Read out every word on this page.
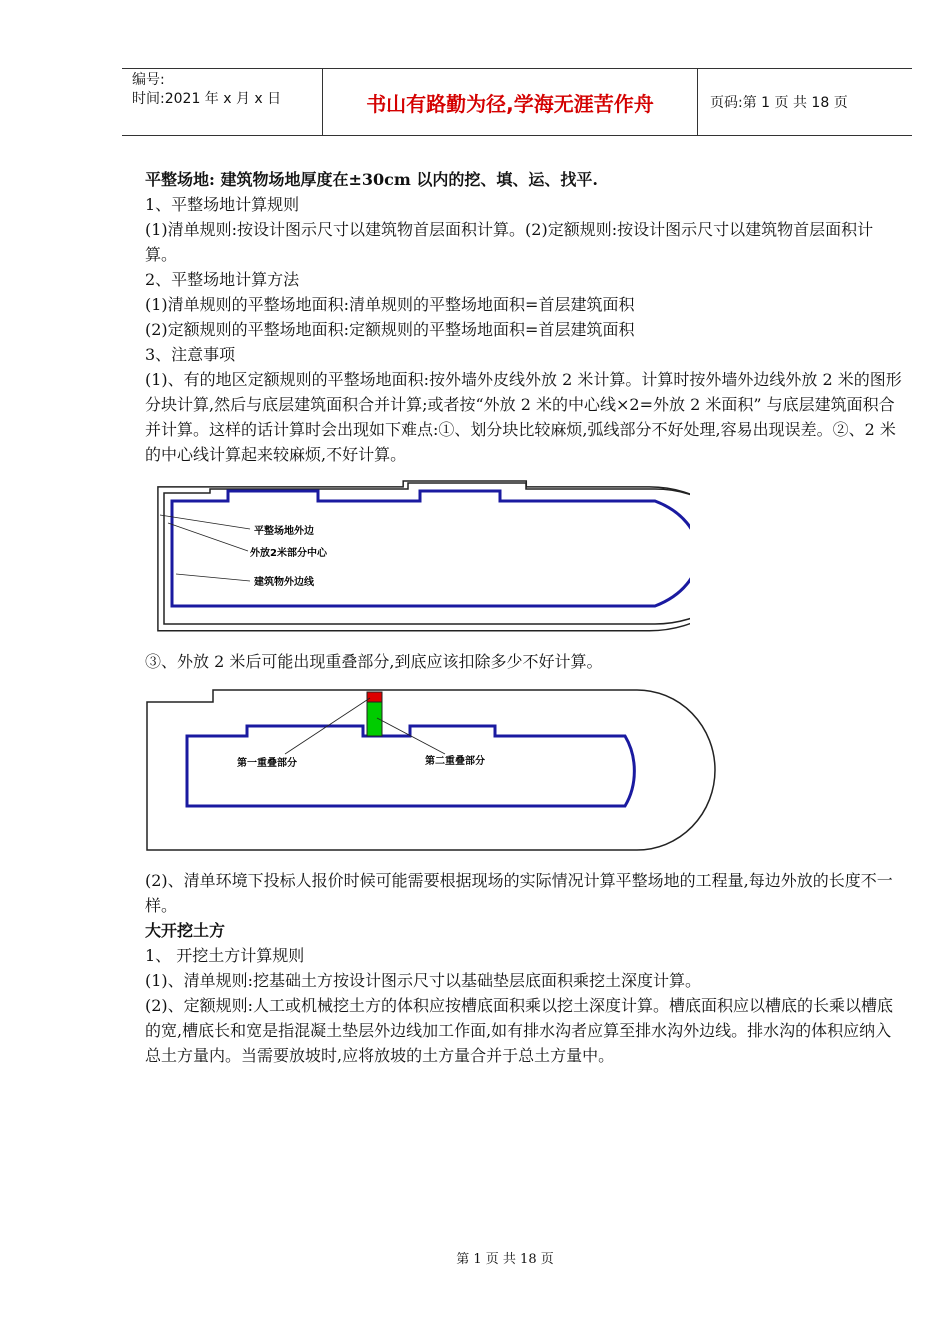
编号:
时间:2021 年 x 月 x 日	书山有路勤为径,学海无涯苦作舟	页码:第 1 页 共 18 页

平整场地: 建筑物场地厚度在±30cm 以内的挖、填、运、找平.

1、平整场地计算规则

(1)清单规则:按设计图示尺寸以建筑物首层面积计算。(2)定额规则:按设计图示尺寸以建筑物首层面积计算。

2、平整场地计算方法

(1)清单规则的平整场地面积:清单规则的平整场地面积=首层建筑面积

(2)定额规则的平整场地面积:定额规则的平整场地面积=首层建筑面积

3、注意事项

(1)、有的地区定额规则的平整场地面积:按外墙外皮线外放 2 米计算。计算时按外墙外边线外放 2 米的图形分块计算,然后与底层建筑面积合并计算;或者按“外放 2 米的中心线×2=外放 2 米面积” 与底层建筑面积合并计算。这样的话计算时会出现如下难点:①、划分块比较麻烦,弧线部分不好处理,容易出现误差。②、2 米的中心线计算起来较麻烦,不好计算。

平整场地外边
外放2米部分中心
建筑物外边线

③、外放 2 米后可能出现重叠部分,到底应该扣除多少不好计算。

第一重叠部分	第二重叠部分

(2)、清单环境下投标人报价时候可能需要根据现场的实际情况计算平整场地的工程量,每边外放的长度不一样。

大开挖土方

1、 开挖土方计算规则

(1)、清单规则:挖基础土方按设计图示尺寸以基础垫层底面积乘挖土深度计算。

(2)、定额规则:人工或机械挖土方的体积应按槽底面积乘以挖土深度计算。槽底面积应以槽底的长乘以槽底的宽,槽底长和宽是指混凝土垫层外边线加工作面,如有排水沟者应算至排水沟外边线。排水沟的体积应纳入总土方量内。当需要放坡时,应将放坡的土方量合并于总土方量中。

第 1 页 共 18 页
